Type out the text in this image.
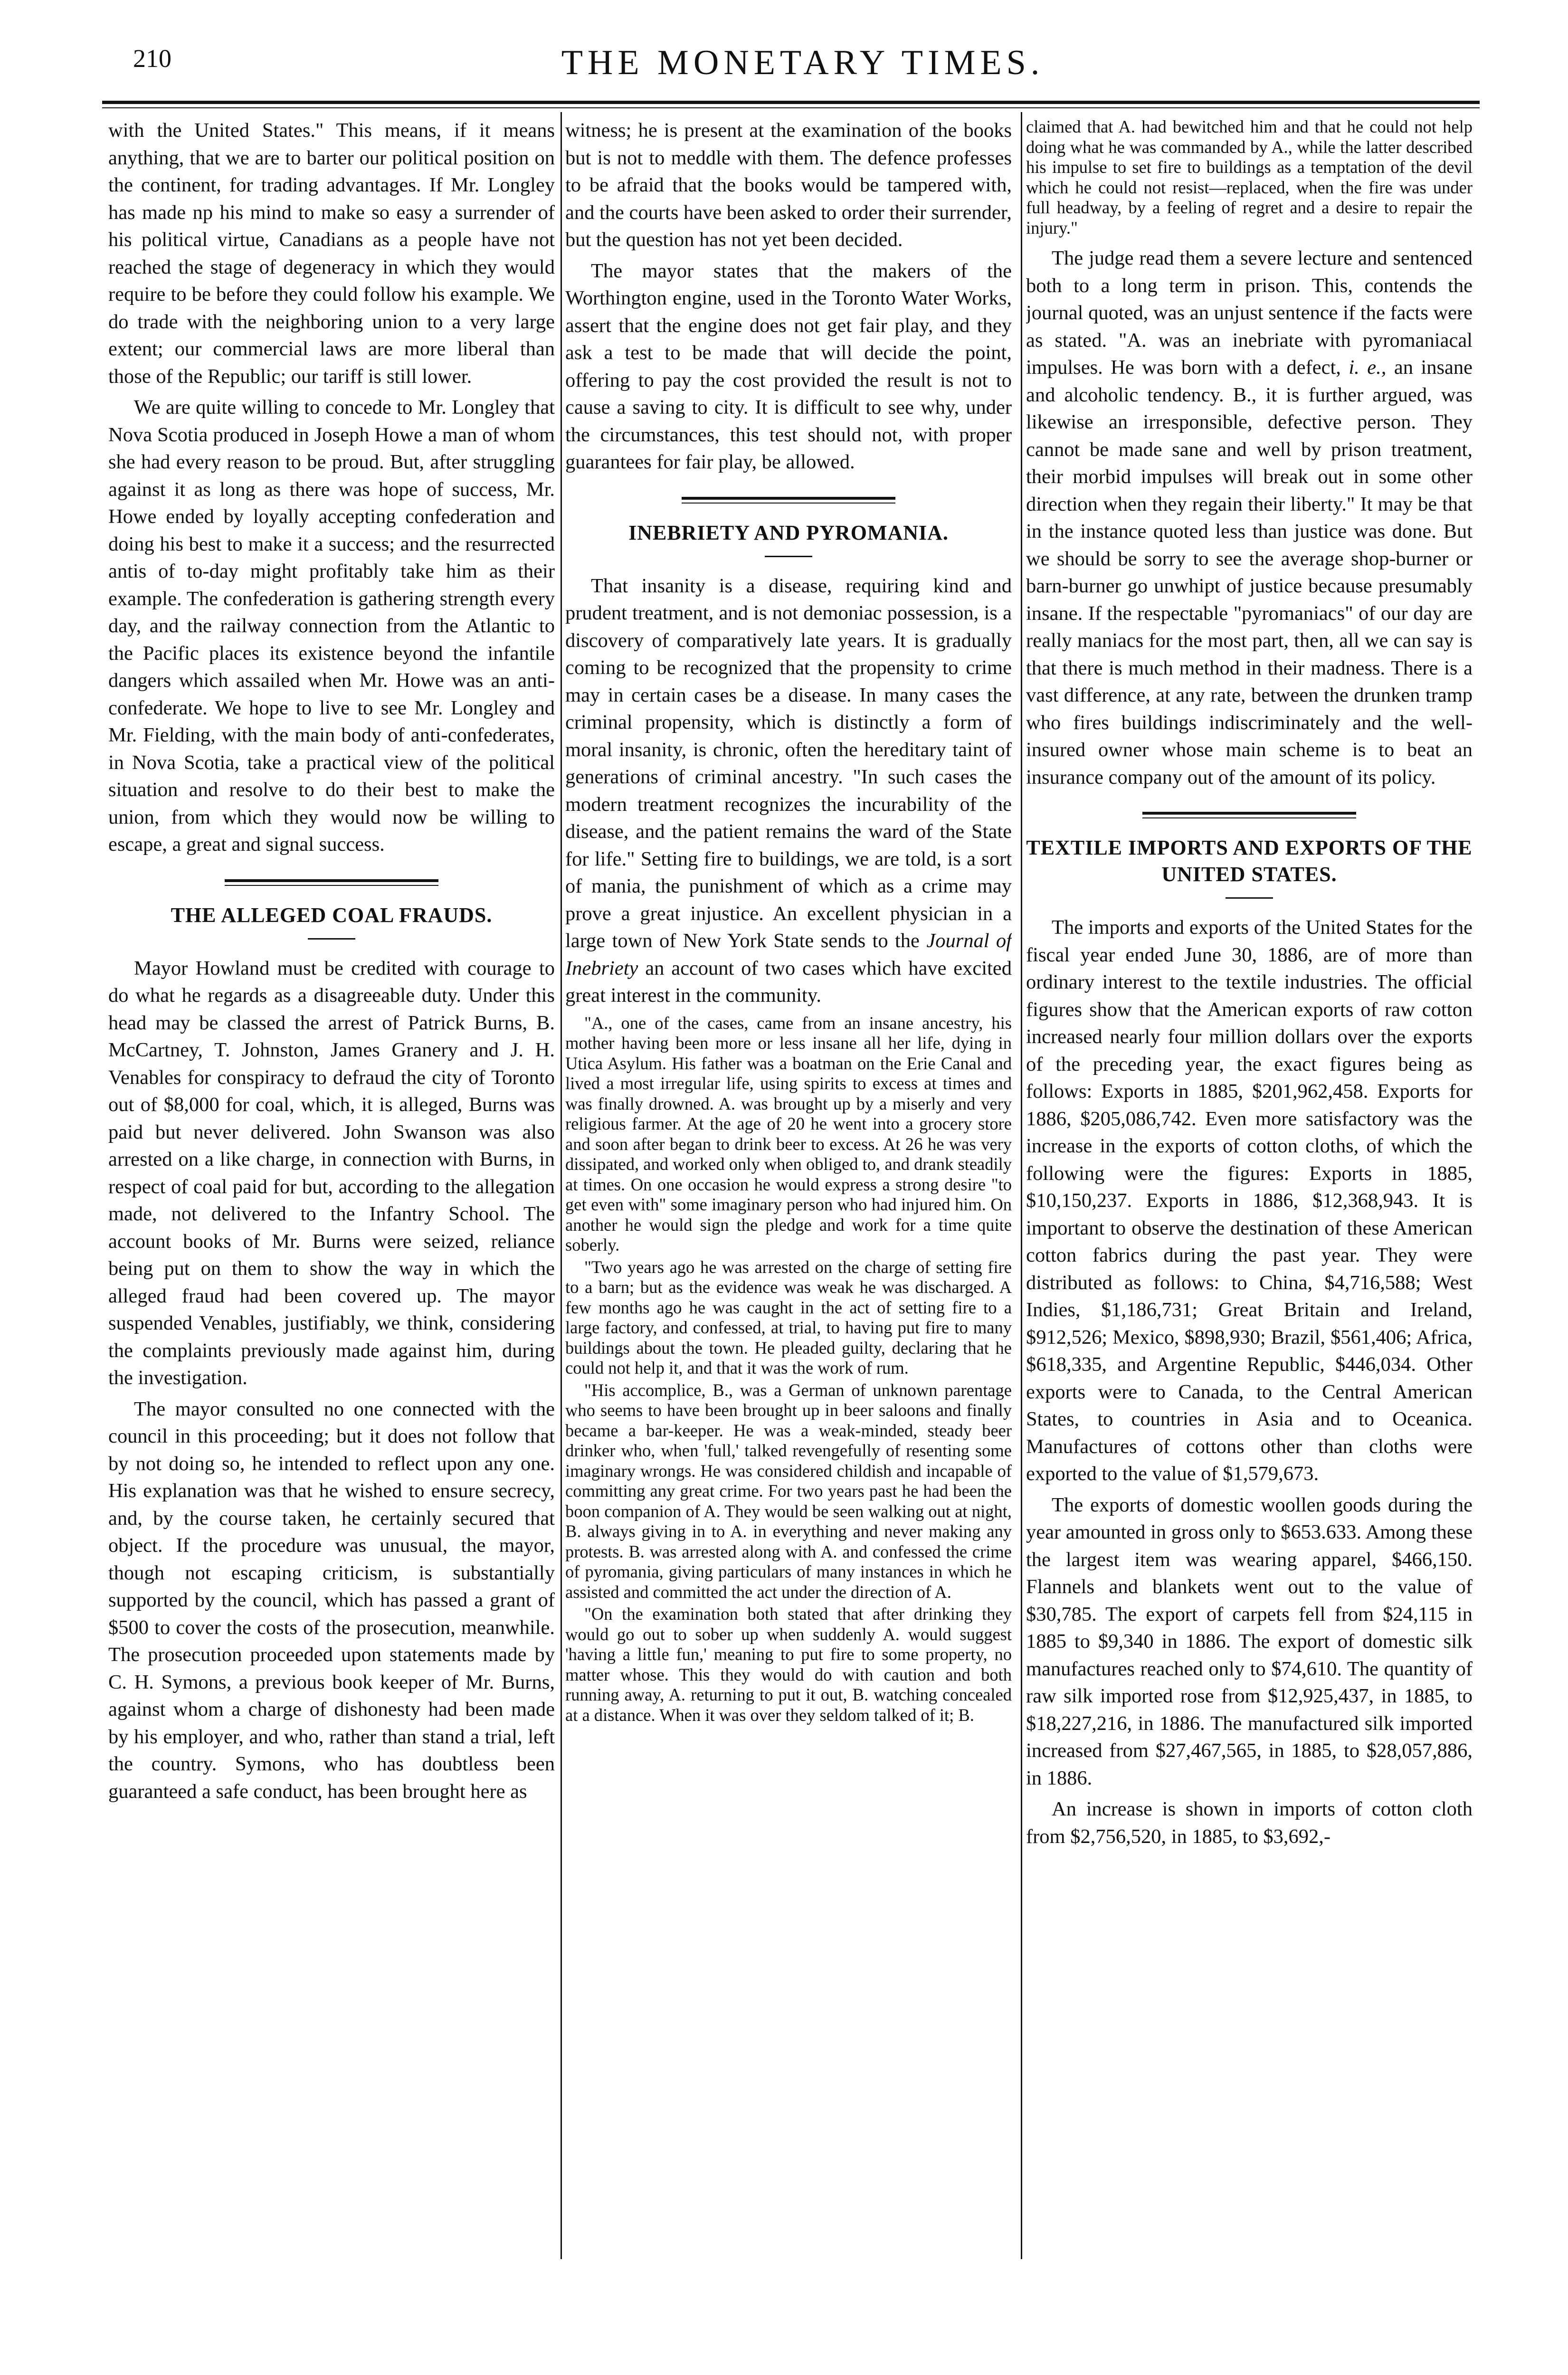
210	THE MONETARY TIMES.

with the United States." This means, if it means anything, that we are to barter our political position on the continent, for trading advantages. If Mr. Longley has made np his mind to make so easy a surrender of his political virtue, Canadians as a people have not reached the stage of degeneracy in which they would require to be before they could follow his example. We do trade with the neighboring union to a very large extent; our commercial laws are more liberal than those of the Republic; our tariff is still lower.

We are quite willing to concede to Mr. Longley that Nova Scotia produced in Joseph Howe a man of whom she had every reason to be proud. But, after struggling against it as long as there was hope of success, Mr. Howe ended by loyally accepting confederation and doing his best to make it a success; and the resurrected antis of to-day might profitably take him as their example. The confederation is gathering strength every day, and the railway connection from the Atlantic to the Pacific places its existence beyond the infantile dangers which assailed when Mr. Howe was an anti-confederate. We hope to live to see Mr. Longley and Mr. Fielding, with the main body of anti-confederates, in Nova Scotia, take a practical view of the political situation and resolve to do their best to make the union, from which they would now be willing to escape, a great and signal success.

THE ALLEGED COAL FRAUDS.

Mayor Howland must be credited with courage to do what he regards as a disagreeable duty. Under this head may be classed the arrest of Patrick Burns, B. McCartney, T. Johnston, James Granery and J. H. Venables for conspiracy to defraud the city of Toronto out of $8,000 for coal, which, it is alleged, Burns was paid but never delivered. John Swanson was also arrested on a like charge, in connection with Burns, in respect of coal paid for but, according to the allegation made, not delivered to the Infantry School. The account books of Mr. Burns were seized, reliance being put on them to show the way in which the alleged fraud had been covered up. The mayor suspended Venables, justifiably, we think, considering the complaints previously made against him, during the investigation.

The mayor consulted no one connected with the council in this proceeding; but it does not follow that by not doing so, he intended to reflect upon any one. His explanation was that he wished to ensure secrecy, and, by the course taken, he certainly secured that object. If the procedure was unusual, the mayor, though not escaping criticism, is substantially supported by the council, which has passed a grant of $500 to cover the costs of the prosecution, meanwhile. The prosecution proceeded upon statements made by C. H. Symons, a previous book keeper of Mr. Burns, against whom a charge of dishonesty had been made by his employer, and who, rather than stand a trial, left the country. Symons, who has doubtless been guaranteed a safe conduct, has been brought here as

witness; he is present at the examination of the books but is not to meddle with them. The defence professes to be afraid that the books would be tampered with, and the courts have been asked to order their surrender, but the question has not yet been decided.

The mayor states that the makers of the Worthington engine, used in the Toronto Water Works, assert that the engine does not get fair play, and they ask a test to be made that will decide the point, offering to pay the cost provided the result is not to cause a saving to city. It is difficult to see why, under the circumstances, this test should not, with proper guarantees for fair play, be allowed.

INEBRIETY AND PYROMANIA.

That insanity is a disease, requiring kind and prudent treatment, and is not demoniac possession, is a discovery of comparatively late years. It is gradually coming to be recognized that the propensity to crime may in certain cases be a disease. In many cases the criminal propensity, which is distinctly a form of moral insanity, is chronic, often the hereditary taint of generations of criminal ancestry. "In such cases the modern treatment recognizes the incurability of the disease, and the patient remains the ward of the State for life." Setting fire to buildings, we are told, is a sort of mania, the punishment of which as a crime may prove a great injustice. An excellent physician in a large town of New York State sends to the Journal of Inebriety an account of two cases which have excited great interest in the community.

"A., one of the cases, came from an insane ancestry, his mother having been more or less insane all her life, dying in Utica Asylum. His father was a boatman on the Erie Canal and lived a most irregular life, using spirits to excess at times and was finally drowned. A. was brought up by a miserly and very religious farmer. At the age of 20 he went into a grocery store and soon after began to drink beer to excess. At 26 he was very dissipated, and worked only when obliged to, and drank steadily at times. On one occasion he would express a strong desire "to get even with" some imaginary person who had injured him. On another he would sign the pledge and work for a time quite soberly.

"Two years ago he was arrested on the charge of setting fire to a barn; but as the evidence was weak he was discharged. A few months ago he was caught in the act of setting fire to a large factory, and confessed, at trial, to having put fire to many buildings about the town. He pleaded guilty, declaring that he could not help it, and that it was the work of rum.

"His accomplice, B., was a German of unknown parentage who seems to have been brought up in beer saloons and finally became a bar-keeper. He was a weak-minded, steady beer drinker who, when 'full,' talked revengefully of resenting some imaginary wrongs. He was considered childish and incapable of committing any great crime. For two years past he had been the boon companion of A. They would be seen walking out at night, B. always giving in to A. in everything and never making any protests. B. was arrested along with A. and confessed the crime of pyromania, giving particulars of many instances in which he assisted and committed the act under the direction of A.

"On the examination both stated that after drinking they would go out to sober up when suddenly A. would suggest 'having a little fun,' meaning to put fire to some property, no matter whose. This they would do with caution and both running away, A. returning to put it out, B. watching concealed at a distance. When it was over they seldom talked of it; B.

claimed that A. had bewitched him and that he could not help doing what he was commanded by A., while the latter described his impulse to set fire to buildings as a temptation of the devil which he could not resist—replaced, when the fire was under full headway, by a feeling of regret and a desire to repair the injury."

The judge read them a severe lecture and sentenced both to a long term in prison. This, contends the journal quoted, was an unjust sentence if the facts were as stated. "A. was an inebriate with pyromaniacal impulses. He was born with a defect, i. e., an insane and alcoholic tendency. B., it is further argued, was likewise an irresponsible, defective person. They cannot be made sane and well by prison treatment, their morbid impulses will break out in some other direction when they regain their liberty." It may be that in the instance quoted less than justice was done. But we should be sorry to see the average shop-burner or barn-burner go unwhipt of justice because presumably insane. If the respectable "pyromaniacs" of our day are really maniacs for the most part, then, all we can say is that there is much method in their madness. There is a vast difference, at any rate, between the drunken tramp who fires buildings indiscriminately and the well-insured owner whose main scheme is to beat an insurance company out of the amount of its policy.

TEXTILE IMPORTS AND EXPORTS OF THE UNITED STATES.

The imports and exports of the United States for the fiscal year ended June 30, 1886, are of more than ordinary interest to the textile industries. The official figures show that the American exports of raw cotton increased nearly four million dollars over the exports of the preceding year, the exact figures being as follows: Exports in 1885, $201,962,458. Exports for 1886, $205,086,742. Even more satisfactory was the increase in the exports of cotton cloths, of which the following were the figures: Exports in 1885, $10,150,237. Exports in 1886, $12,368,943. It is important to observe the destination of these American cotton fabrics during the past year. They were distributed as follows: to China, $4,716,588; West Indies, $1,186,731; Great Britain and Ireland, $912,526; Mexico, $898,930; Brazil, $561,406; Africa, $618,335, and Argentine Republic, $446,034. Other exports were to Canada, to the Central American States, to countries in Asia and to Oceanica. Manufactures of cottons other than cloths were exported to the value of $1,579,673.

The exports of domestic woollen goods during the year amounted in gross only to $653.633. Among these the largest item was wearing apparel, $466,150. Flannels and blankets went out to the value of $30,785. The export of carpets fell from $24,115 in 1885 to $9,340 in 1886. The export of domestic silk manufactures reached only to $74,610. The quantity of raw silk imported rose from $12,925,437, in 1885, to $18,227,216, in 1886. The manufactured silk imported increased from $27,467,565, in 1885, to $28,057,886, in 1886.

An increase is shown in imports of cotton cloth from $2,756,520, in 1885, to $3,692,-
